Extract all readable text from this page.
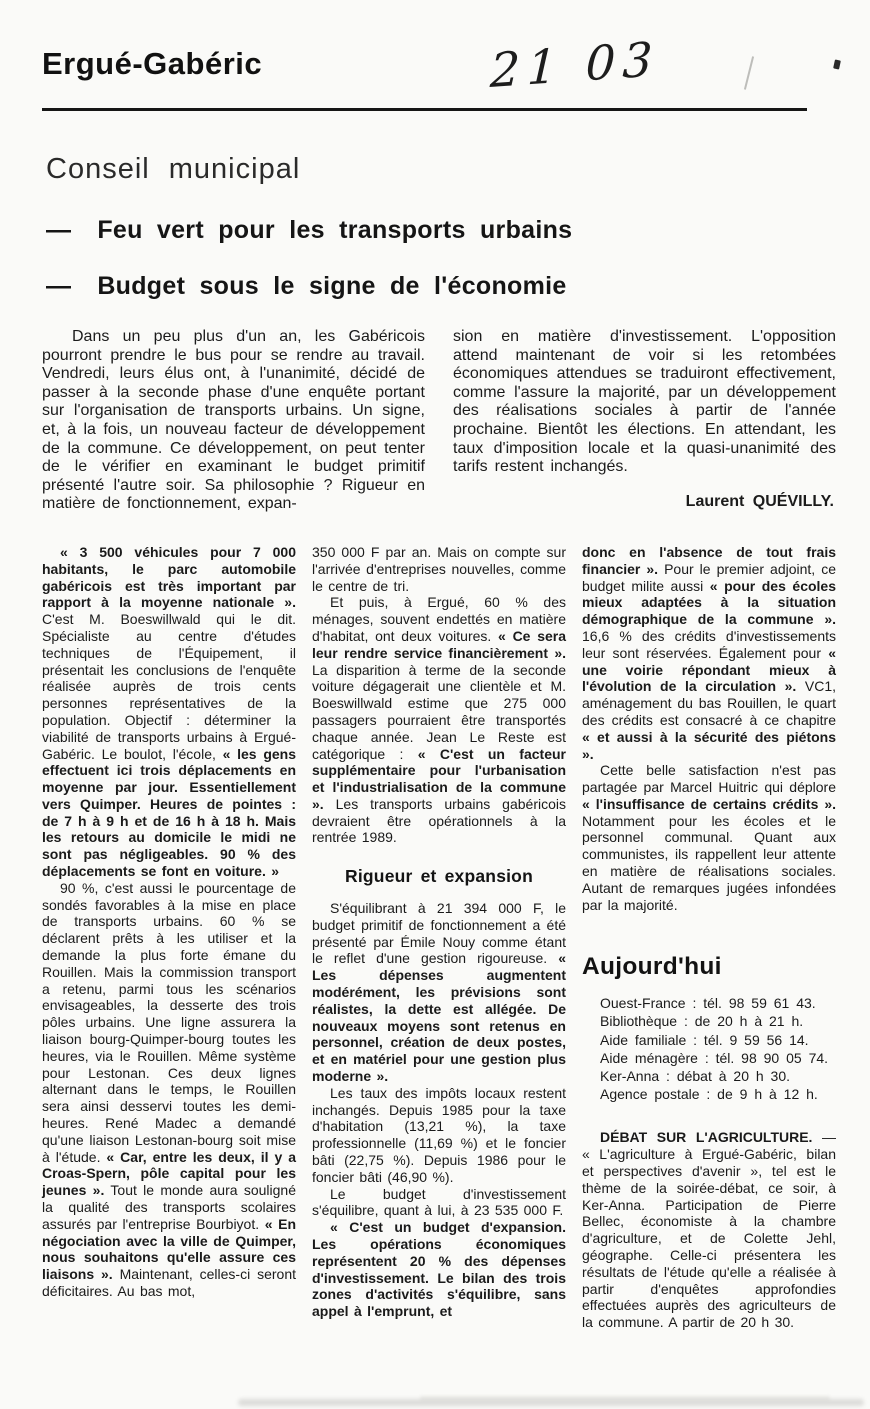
Ergué-Gabéric	21 03
Conseil municipal
— Feu vert pour les transports urbains
— Budget sous le signe de l'économie

Dans un peu plus d'un an, les Gabéricois pourront prendre le bus pour se rendre au travail. Vendredi, leurs élus ont, à l'unanimité, décidé de passer à la seconde phase d'une enquête portant sur l'organisation de transports urbains. Un signe, et, à la fois, un nouveau facteur de développement de la commune. Ce développement, on peut tenter de le vérifier en examinant le budget primitif présenté l'autre soir. Sa philosophie ? Rigueur en matière de fonctionnement, expan-

sion en matière d'investissement. L'opposition attend maintenant de voir si les retombées économiques attendues se traduiront effectivement, comme l'assure la majorité, par un développement des réalisations sociales à partir de l'année prochaine. Bientôt les élections. En attendant, les taux d'imposition locale et la quasi-unanimité des tarifs restent inchangés.

Laurent QUÉVILLY.
« 3 500 véhicules pour 7 000 habitants, le parc automobile gabéricois est très important par rapport à la moyenne nationale ». C'est M. Boeswillwald qui le dit. Spécialiste au centre d'études techniques de l'Équipement, il présentait les conclusions de l'enquête réalisée auprès de trois cents personnes représentatives de la population. Objectif : déterminer la viabilité de transports urbains à Ergué-Gabéric. Le boulot, l'école, « les gens effectuent ici trois déplacements en moyenne par jour. Essentiellement vers Quimper. Heures de pointes : de 7 h à 9 h et de 16 h à 18 h. Mais les retours au domicile le midi ne sont pas négligeables. 90 % des déplacements se font en voiture. »
90 %, c'est aussi le pourcentage de sondés favorables à la mise en place de transports urbains. 60 % se déclarent prêts à les utiliser et la demande la plus forte émane du Rouillen. Mais la commission transport a retenu, parmi tous les scénarios envisageables, la desserte des trois pôles urbains. Une ligne assurera la liaison bourg-Quimper-bourg toutes les heures, via le Rouillen. Même système pour Lestonan. Ces deux lignes alternant dans le temps, le Rouillen sera ainsi desservi toutes les demi-heures. René Madec a demandé qu'une liaison Lestonan-bourg soit mise à l'étude. « Car, entre les deux, il y a Croas-Spern, pôle capital pour les jeunes ». Tout le monde aura souligné la qualité des transports scolaires assurés par l'entreprise Bourbiyot. « En négociation avec la ville de Quimper, nous souhaitons qu'elle assure ces liaisons ». Maintenant, celles-ci seront déficitaires. Au bas mot,
350 000 F par an. Mais on compte sur l'arrivée d'entreprises nouvelles, comme le centre de tri.
Et puis, à Ergué, 60 % des ménages, souvent endettés en matière d'habitat, ont deux voitures. « Ce sera leur rendre service financièrement ». La disparition à terme de la seconde voiture dégagerait une clientèle et M. Boeswillwald estime que 275 000 passagers pourraient être transportés chaque année. Jean Le Reste est catégorique : « C'est un facteur supplémentaire pour l'urbanisation et l'industrialisation de la commune ». Les transports urbains gabéricois devraient être opérationnels à la rentrée 1989.
Rigueur et expansion
S'équilibrant à 21 394 000 F, le budget primitif de fonctionnement a été présenté par Émile Nouy comme étant le reflet d'une gestion rigoureuse. « Les dépenses augmentent modérément, les prévisions sont réalistes, la dette est allégée. De nouveaux moyens sont retenus en personnel, création de deux postes, et en matériel pour une gestion plus moderne ».
Les taux des impôts locaux restent inchangés. Depuis 1985 pour la taxe d'habitation (13,21 %), la taxe professionnelle (11,69 %) et le foncier bâti (22,75 %). Depuis 1986 pour le foncier bâti (46,90 %).
Le budget d'investissement s'équilibre, quant à lui, à 23 535 000 F.
« C'est un budget d'expansion. Les opérations économiques représentent 20 % des dépenses d'investissement. Le bilan des trois zones d'activités s'équilibre, sans appel à l'emprunt, et
donc en l'absence de tout frais financier ». Pour le premier adjoint, ce budget milite aussi « pour des écoles mieux adaptées à la situation démographique de la commune ». 16,6 % des crédits d'investissements leur sont réservées. Également pour « une voirie répondant mieux à l'évolution de la circulation ». VC1, aménagement du bas Rouillen, le quart des crédits est consacré à ce chapitre « et aussi à la sécurité des piétons ».
Cette belle satisfaction n'est pas partagée par Marcel Huitric qui déplore « l'insuffisance de certains crédits ». Notamment pour les écoles et le personnel communal. Quant aux communistes, ils rappellent leur attente en matière de réalisations sociales. Autant de remarques jugées infondées par la majorité.
Aujourd'hui
Ouest-France : tél. 98 59 61 43.
Bibliothèque : de 20 h à 21 h.
Aide familiale : tél. 9 59 56 14.
Aide ménagère : tél. 98 90 05 74.
Ker-Anna : débat à 20 h 30.
Agence postale : de 9 h à 12 h.
DÉBAT SUR L'AGRICULTURE. — « L'agriculture à Ergué-Gabéric, bilan et perspectives d'avenir », tel est le thème de la soirée-débat, ce soir, à Ker-Anna. Participation de Pierre Bellec, économiste à la chambre d'agriculture, et de Colette Jehl, géographe. Celle-ci présentera les résultats de l'étude qu'elle a réalisée à partir d'enquêtes approfondies effectuées auprès des agriculteurs de la commune. A partir de 20 h 30.
